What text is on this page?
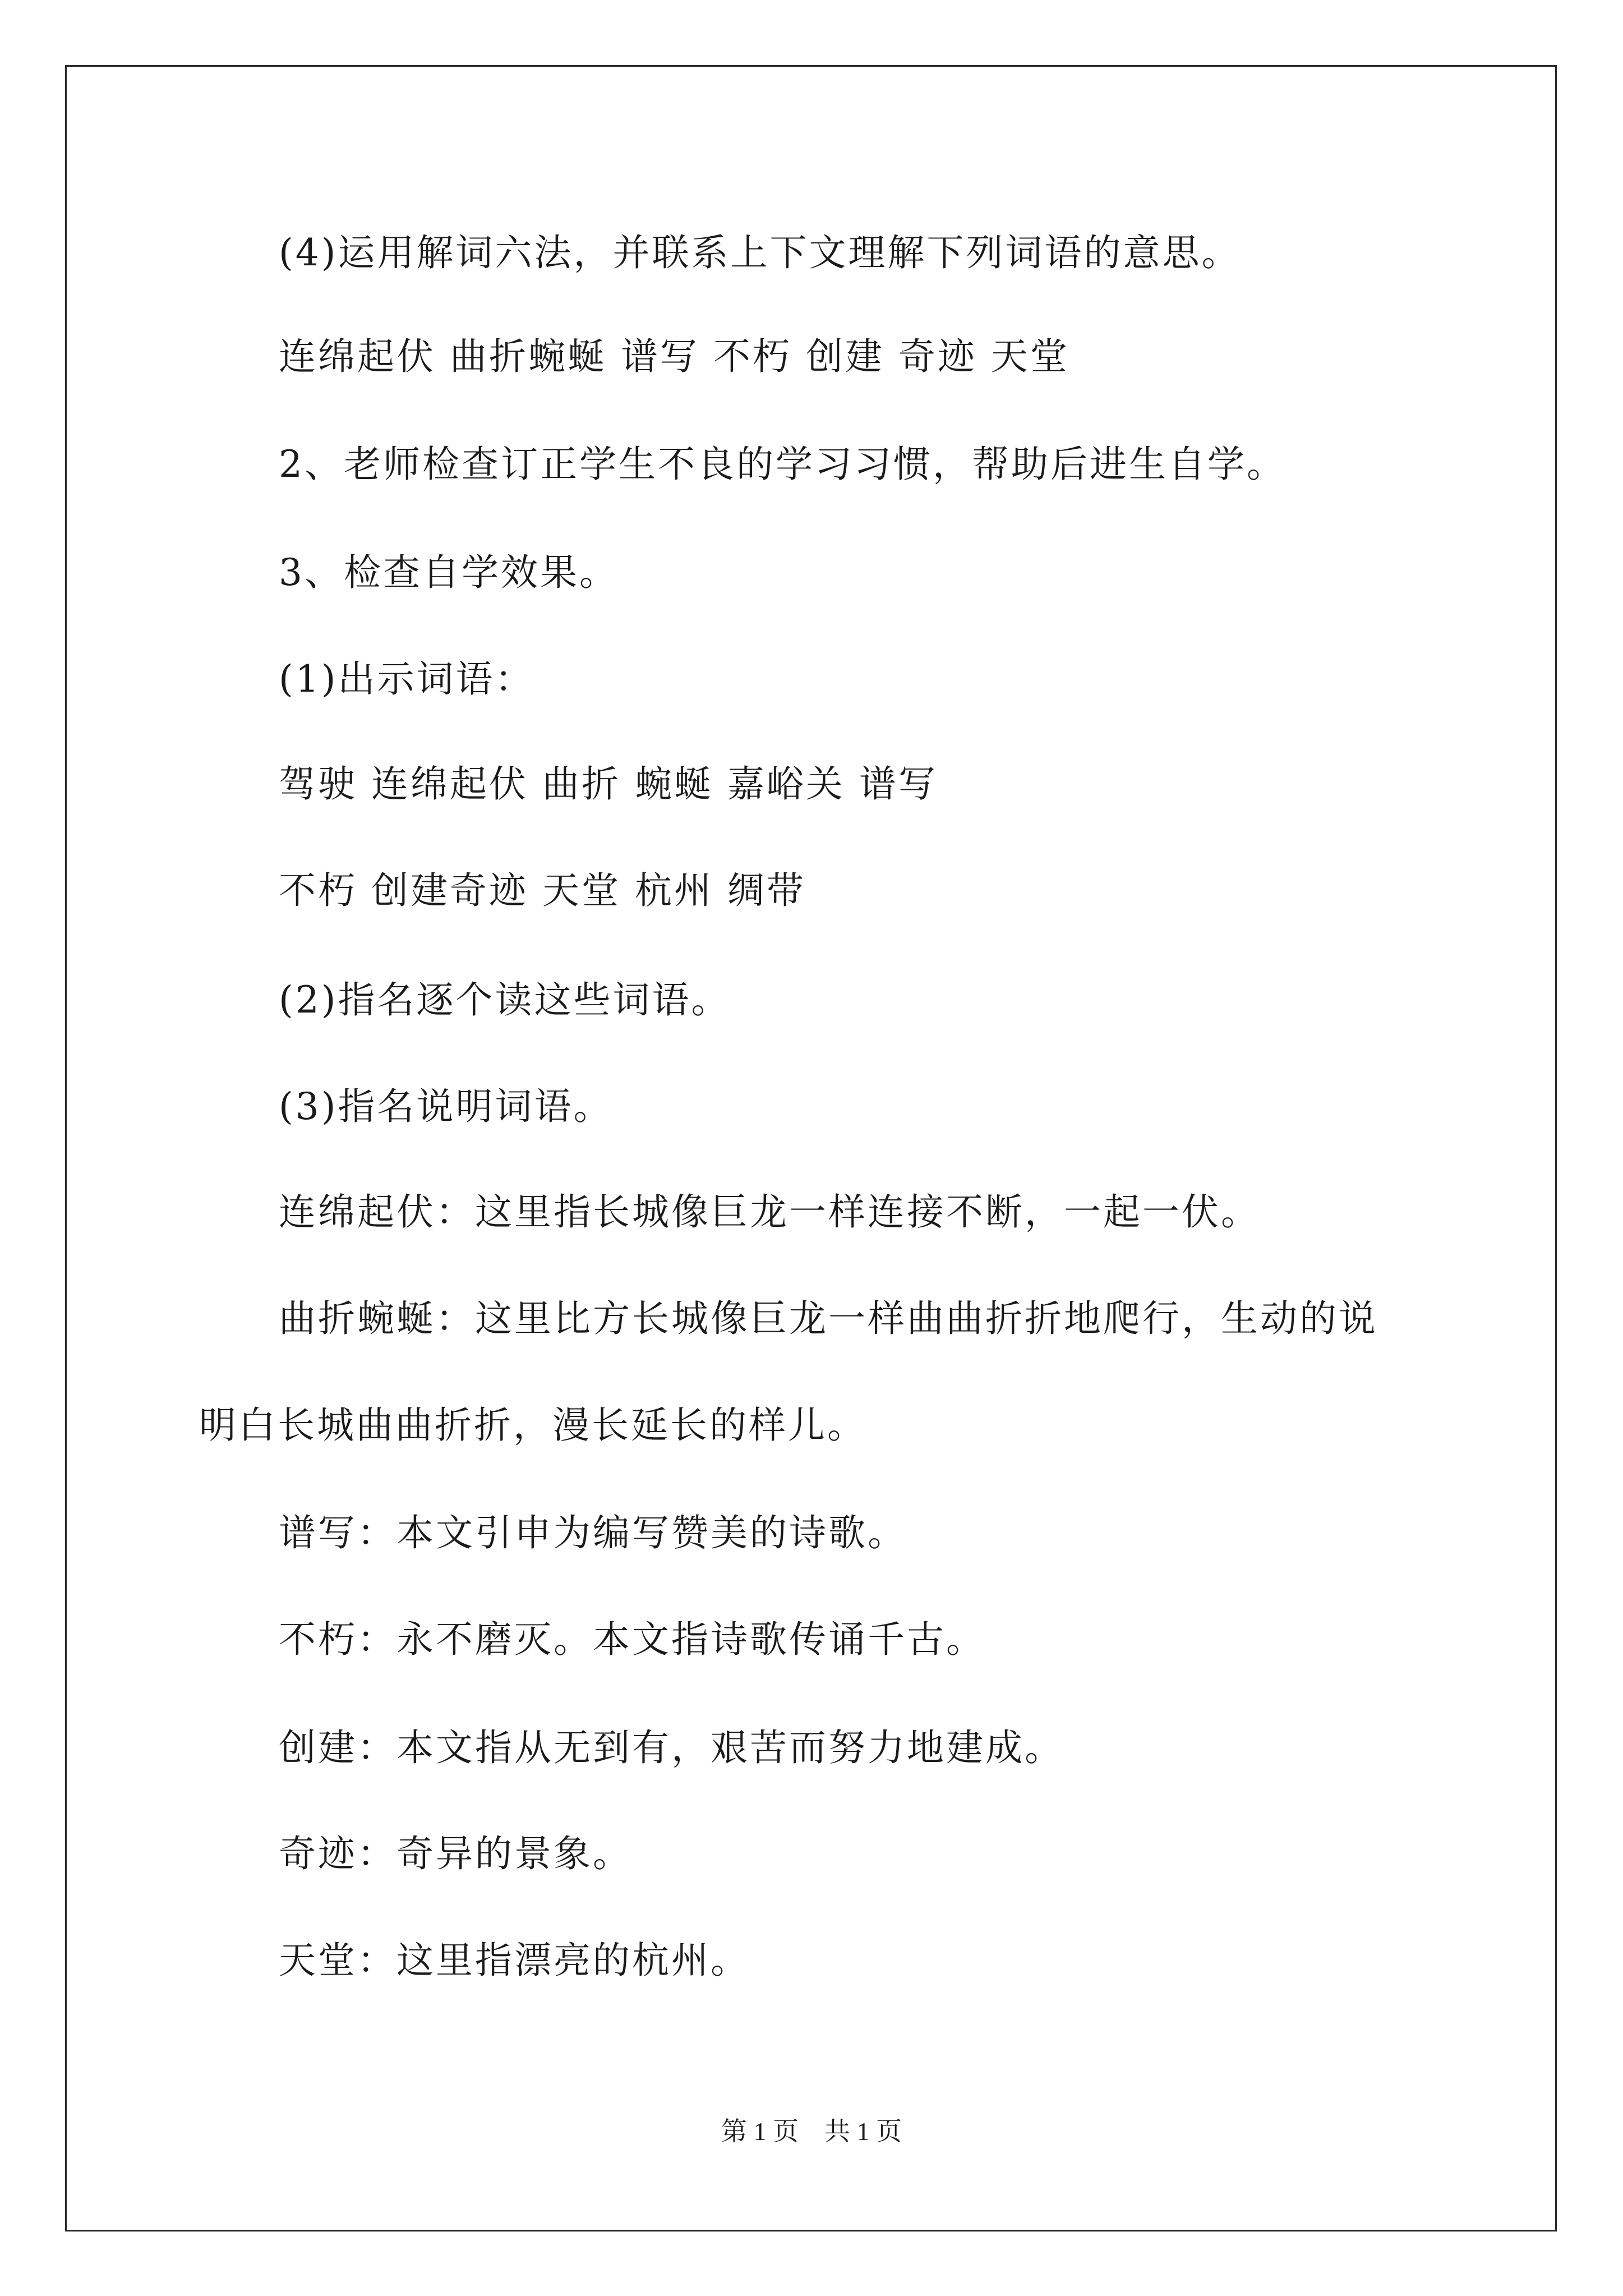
(4)运用解词六法，并联系上下文理解下列词语的意思。
连绵起伏 曲折蜿蜒 谱写 不朽 创建 奇迹 天堂
2、老师检查订正学生不良的学习习惯，帮助后进生自学。
3、检查自学效果。
(1)出示词语：
驾驶 连绵起伏 曲折 蜿蜒 嘉峪关 谱写
不朽 创建奇迹 天堂 杭州 绸带
(2)指名逐个读这些词语。
(3)指名说明词语。
连绵起伏：这里指长城像巨龙一样连接不断，一起一伏。
曲折蜿蜒：这里比方长城像巨龙一样曲曲折折地爬行，生动的说
明白长城曲曲折折，漫长延长的样儿。
谱写：本文引申为编写赞美的诗歌。
不朽：永不磨灭。本文指诗歌传诵千古。
创建：本文指从无到有，艰苦而努力地建成。
奇迹：奇异的景象。
天堂：这里指漂亮的杭州。
第 1 页    共 1 页
